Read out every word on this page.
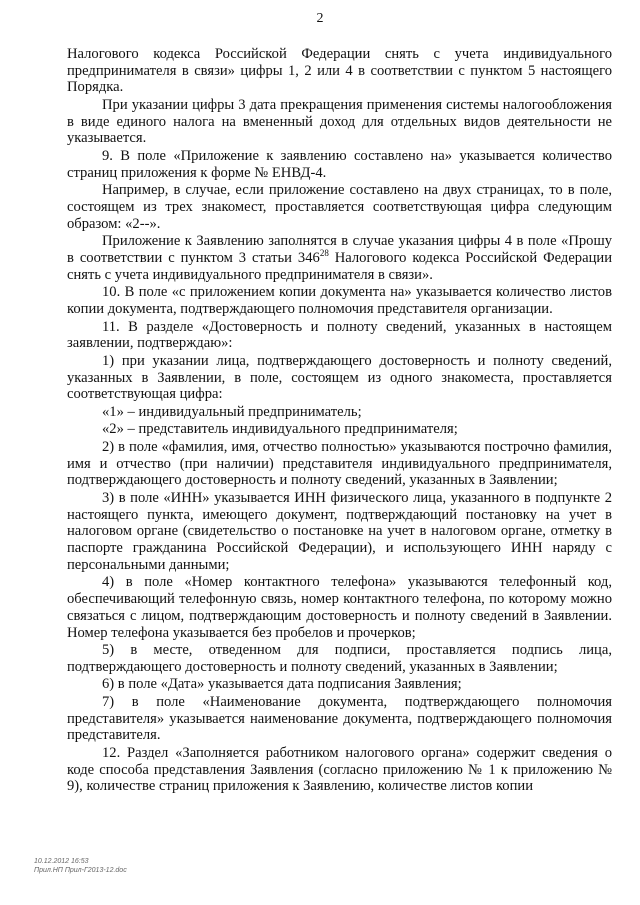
2

Налогового кодекса Российской Федерации снять с учета индивидуального предпринимателя в связи» цифры 1, 2 или 4 в соответствии с пунктом 5 настоящего Порядка.

При указании цифры 3 дата прекращения применения системы налогообложения в виде единого налога на вмененный доход для отдельных видов деятельности не указывается.

9. В поле «Приложение к заявлению составлено на» указывается количество страниц приложения к форме № ЕНВД-4.

Например, в случае, если приложение составлено на двух страницах, то в поле, состоящем из трех знакомест, проставляется соответствующая цифра следующим образом: «2--».

Приложение к Заявлению заполнятся в случае указания цифры 4 в поле «Прошу в соответствии с пунктом 3 статьи $346^{28}$ Налогового кодекса Российской Федерации снять с учета индивидуального предпринимателя в связи».

10. В поле «с приложением копии документа на» указывается количество листов копии документа, подтверждающего полномочия представителя организации.

11. В разделе «Достоверность и полноту сведений, указанных в настоящем заявлении, подтверждаю»:

1) при указании лица, подтверждающего достоверность и полноту сведений, указанных в Заявлении, в поле, состоящем из одного знакоместа, проставляется соответствующая цифра:

«1» – индивидуальный предприниматель;

«2» – представитель индивидуального предпринимателя;

2) в поле «фамилия, имя, отчество полностью» указываются построчно фамилия, имя и отчество (при наличии) представителя индивидуального предпринимателя, подтверждающего достоверность и полноту сведений, указанных в Заявлении;

3) в поле «ИНН» указывается ИНН физического лица, указанного в подпункте 2 настоящего пункта, имеющего документ, подтверждающий постановку на учет в налоговом органе (свидетельство о постановке на учет в налоговом органе, отметку в паспорте гражданина Российской Федерации), и использующего ИНН наряду с персональными данными;

4) в поле «Номер контактного телефона» указываются телефонный код, обеспечивающий телефонную связь, номер контактного телефона, по которому можно связаться с лицом, подтверждающим достоверность и полноту сведений в Заявлении. Номер телефона указывается без пробелов и прочерков;

5) в месте, отведенном для подписи, проставляется подпись лица, подтверждающего достоверность и полноту сведений, указанных в Заявлении;

6) в поле «Дата» указывается дата подписания Заявления;

7) в поле «Наименование документа, подтверждающего полномочия представителя» указывается наименование документа, подтверждающего полномочия представителя.

12. Раздел «Заполняется работником налогового органа» содержит сведения о коде способа представления Заявления (согласно приложению № 1 к приложению № 9), количестве страниц приложения к Заявлению, количестве листов копии

10.12.2012 16:53
Прил.НП Прил-Г2013-12.doc
